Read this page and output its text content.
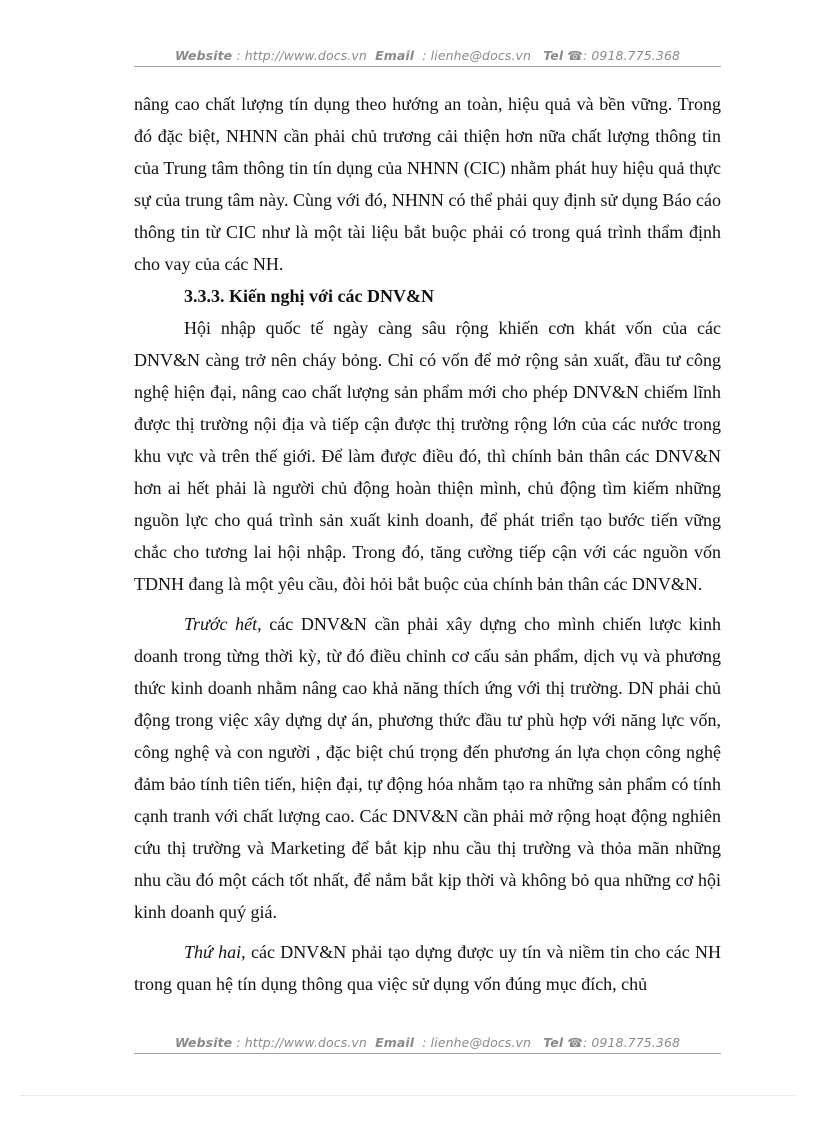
Website : http://www.docs.vn Email : lienhe@docs.vn Tel ☎: 0918.775.368

nâng cao chất lượng tín dụng theo hướng an toàn, hiệu quả và bền vững. Trong đó đặc biệt, NHNN cần phải chủ trương cải thiện hơn nữa chất lượng thông tin của Trung tâm thông tin tín dụng của NHNN (CIC) nhằm phát huy hiệu quả thực sự của trung tâm này. Cùng với đó, NHNN có thể phải quy định sử dụng Báo cáo thông tin từ CIC như là một tài liệu bắt buộc phải có trong quá trình thẩm định cho vay của các NH.

3.3.3. Kiến nghị với các DNV&N

Hội nhập quốc tế ngày càng sâu rộng khiến cơn khát vốn của các DNV&N càng trở nên cháy bỏng. Chỉ có vốn để mở rộng sản xuất, đầu tư công nghệ hiện đại, nâng cao chất lượng sản phẩm mới cho phép DNV&N chiếm lĩnh được thị trường nội địa và tiếp cận được thị trường rộng lớn của các nước trong khu vực và trên thế giới. Để làm được điều đó, thì chính bản thân các DNV&N hơn ai hết phải là người chủ động hoàn thiện mình, chủ động tìm kiếm những nguồn lực cho quá trình sản xuất kinh doanh, để phát triển tạo bước tiến vững chắc cho tương lai hội nhập. Trong đó, tăng cường tiếp cận với các nguồn vốn TDNH đang là một yêu cầu, đòi hỏi bắt buộc của chính bản thân các DNV&N.

Trước hết, các DNV&N cần phải xây dựng cho mình chiến lược kinh doanh trong từng thời kỳ, từ đó điều chỉnh cơ cấu sản phẩm, dịch vụ và phương thức kinh doanh nhằm nâng cao khả năng thích ứng với thị trường. DN phải chủ động trong việc xây dựng dự án, phương thức đầu tư phù hợp với năng lực vốn, công nghệ và con người , đặc biệt chú trọng đến phương án lựa chọn công nghệ đảm bảo tính tiên tiến, hiện đại, tự động hóa nhằm tạo ra những sản phẩm có tính cạnh tranh với chất lượng cao. Các DNV&N cần phải mở rộng hoạt động nghiên cứu thị trường và Marketing để bắt kịp nhu cầu thị trường và thỏa mãn những nhu cầu đó một cách tốt nhất, để nắm bắt kịp thời và không bỏ qua những cơ hội kinh doanh quý giá.

Thứ hai, các DNV&N phải tạo dựng được uy tín và niềm tin cho các NH trong quan hệ tín dụng thông qua việc sử dụng vốn đúng mục đích, chủ

Website : http://www.docs.vn Email : lienhe@docs.vn Tel ☎: 0918.775.368
